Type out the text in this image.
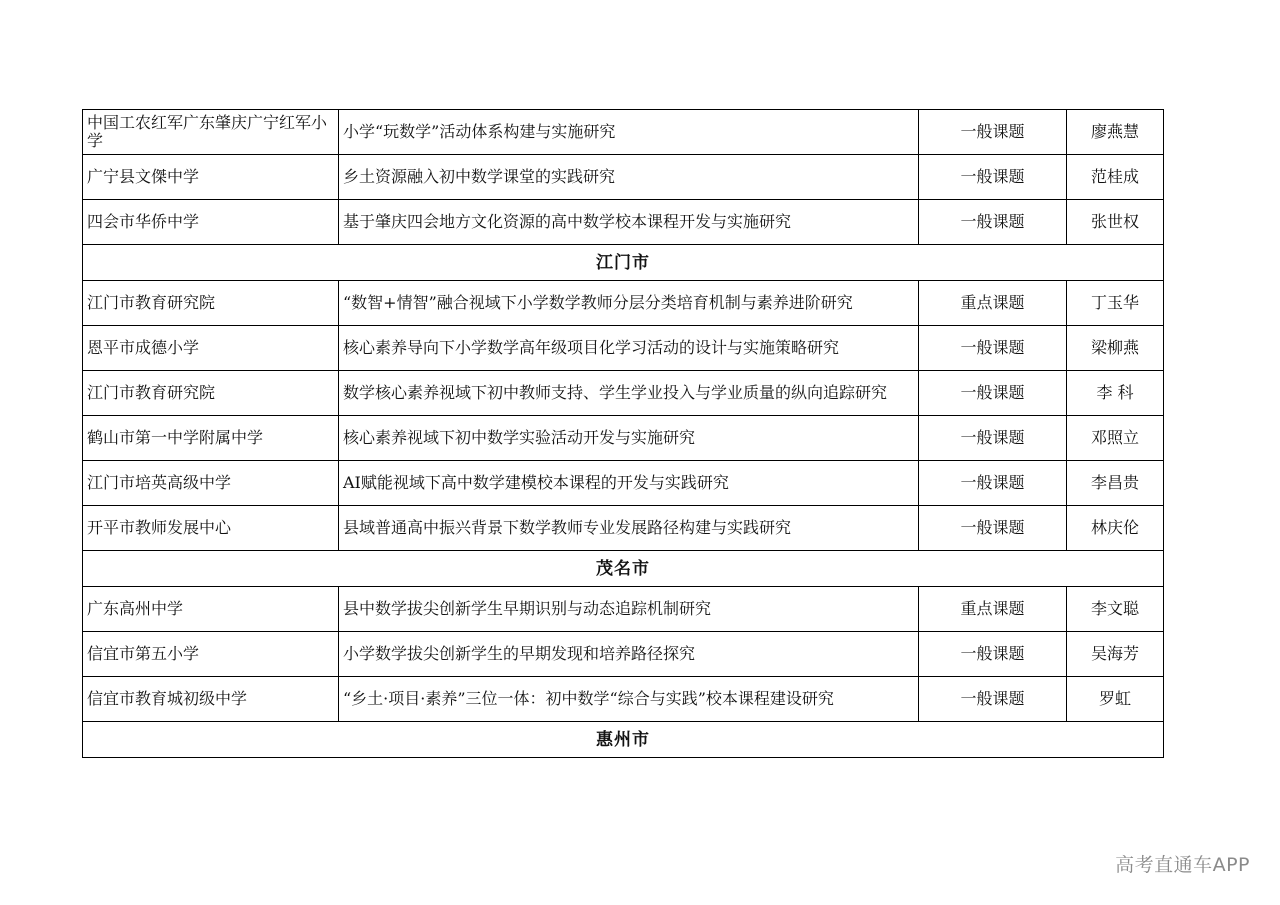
中国工农红军广东肇庆广宁红军小学	小学“玩数学”活动体系构建与实施研究	一般课题	廖燕慧
广宁县文傑中学	乡土资源融入初中数学课堂的实践研究	一般课题	范桂成
四会市华侨中学	基于肇庆四会地方文化资源的高中数学校本课程开发与实施研究	一般课题	张世权
江门市			
江门市教育研究院	“数智+情智”融合视域下小学数学教师分层分类培育机制与素养进阶研究	重点课题	丁玉华
恩平市成德小学	核心素养导向下小学数学高年级项目化学习活动的设计与实施策略研究	一般课题	梁柳燕
江门市教育研究院	数学核心素养视域下初中教师支持、学生学业投入与学业质量的纵向追踪研究	一般课题	李 科
鹤山市第一中学附属中学	核心素养视域下初中数学实验活动开发与实施研究	一般课题	邓照立
江门市培英高级中学	AI赋能视域下高中数学建模校本课程的开发与实践研究	一般课题	李昌贵
开平市教师发展中心	县域普通高中振兴背景下数学教师专业发展路径构建与实践研究	一般课题	林庆伦
茂名市			
广东高州中学	县中数学拔尖创新学生早期识别与动态追踪机制研究	重点课题	李文聪
信宜市第五小学	小学数学拔尖创新学生的早期发现和培养路径探究	一般课题	吴海芳
信宜市教育城初级中学	“乡土·项目·素养”三位一体：初中数学“综合与实践”校本课程建设研究	一般课题	罗虹
惠州市			
高考直通车APP
